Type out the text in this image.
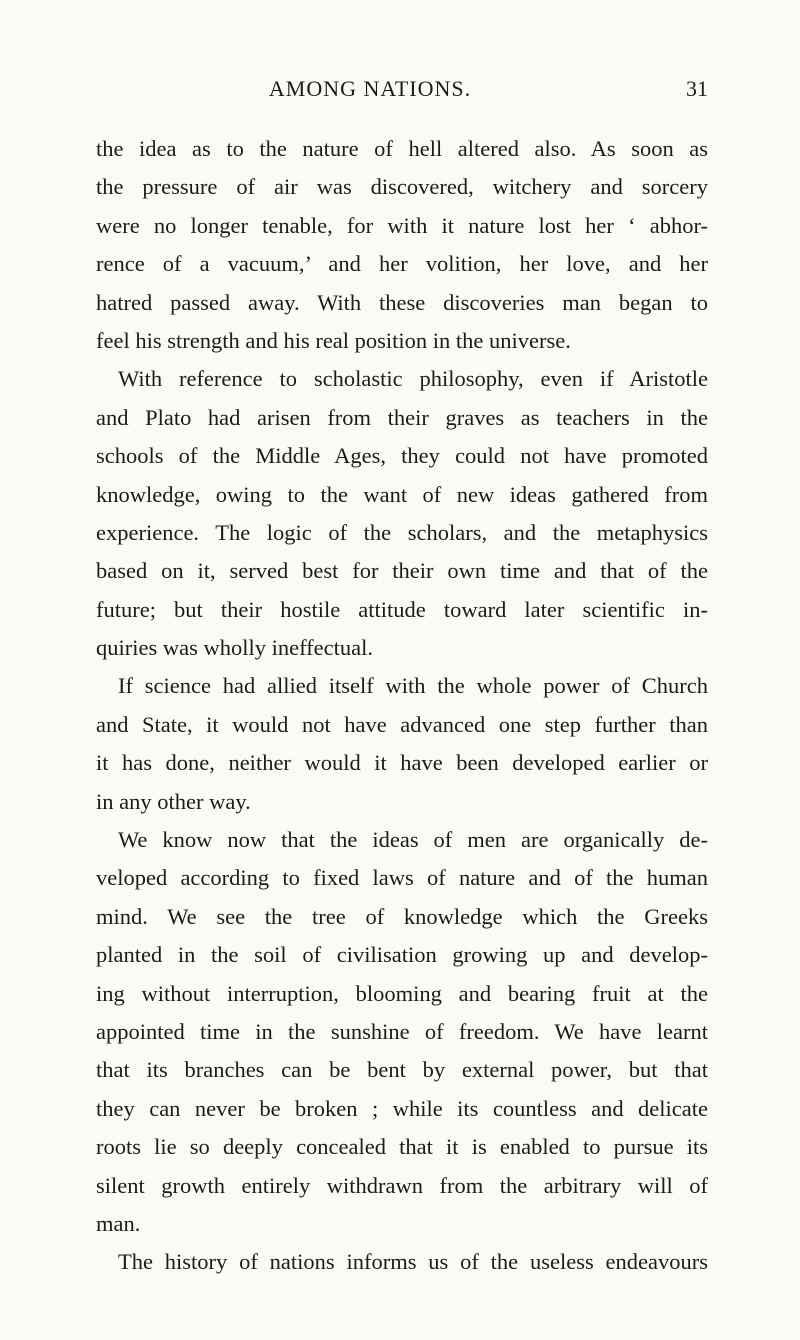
AMONG NATIONS.	31
the idea as to the nature of hell altered also. As soon as
the pressure of air was discovered, witchery and sorcery
were no longer tenable, for with it nature lost her ‘ abhor-
rence of a vacuum,’ and her volition, her love, and her
hatred passed away. With these discoveries man began to
feel his strength and his real position in the universe.
With reference to scholastic philosophy, even if Aristotle
and Plato had arisen from their graves as teachers in the
schools of the Middle Ages, they could not have promoted
knowledge, owing to the want of new ideas gathered from
experience. The logic of the scholars, and the metaphysics
based on it, served best for their own time and that of the
future; but their hostile attitude toward later scientific in-
quiries was wholly ineffectual.
If science had allied itself with the whole power of Church
and State, it would not have advanced one step further than
it has done, neither would it have been developed earlier or
in any other way.
We know now that the ideas of men are organically de-
veloped according to fixed laws of nature and of the human
mind. We see the tree of knowledge which the Greeks
planted in the soil of civilisation growing up and develop-
ing without interruption, blooming and bearing fruit at the
appointed time in the sunshine of freedom. We have learnt
that its branches can be bent by external power, but that
they can never be broken ; while its countless and delicate
roots lie so deeply concealed that it is enabled to pursue its
silent growth entirely withdrawn from the arbitrary will of
man.
The history of nations informs us of the useless endeavours
